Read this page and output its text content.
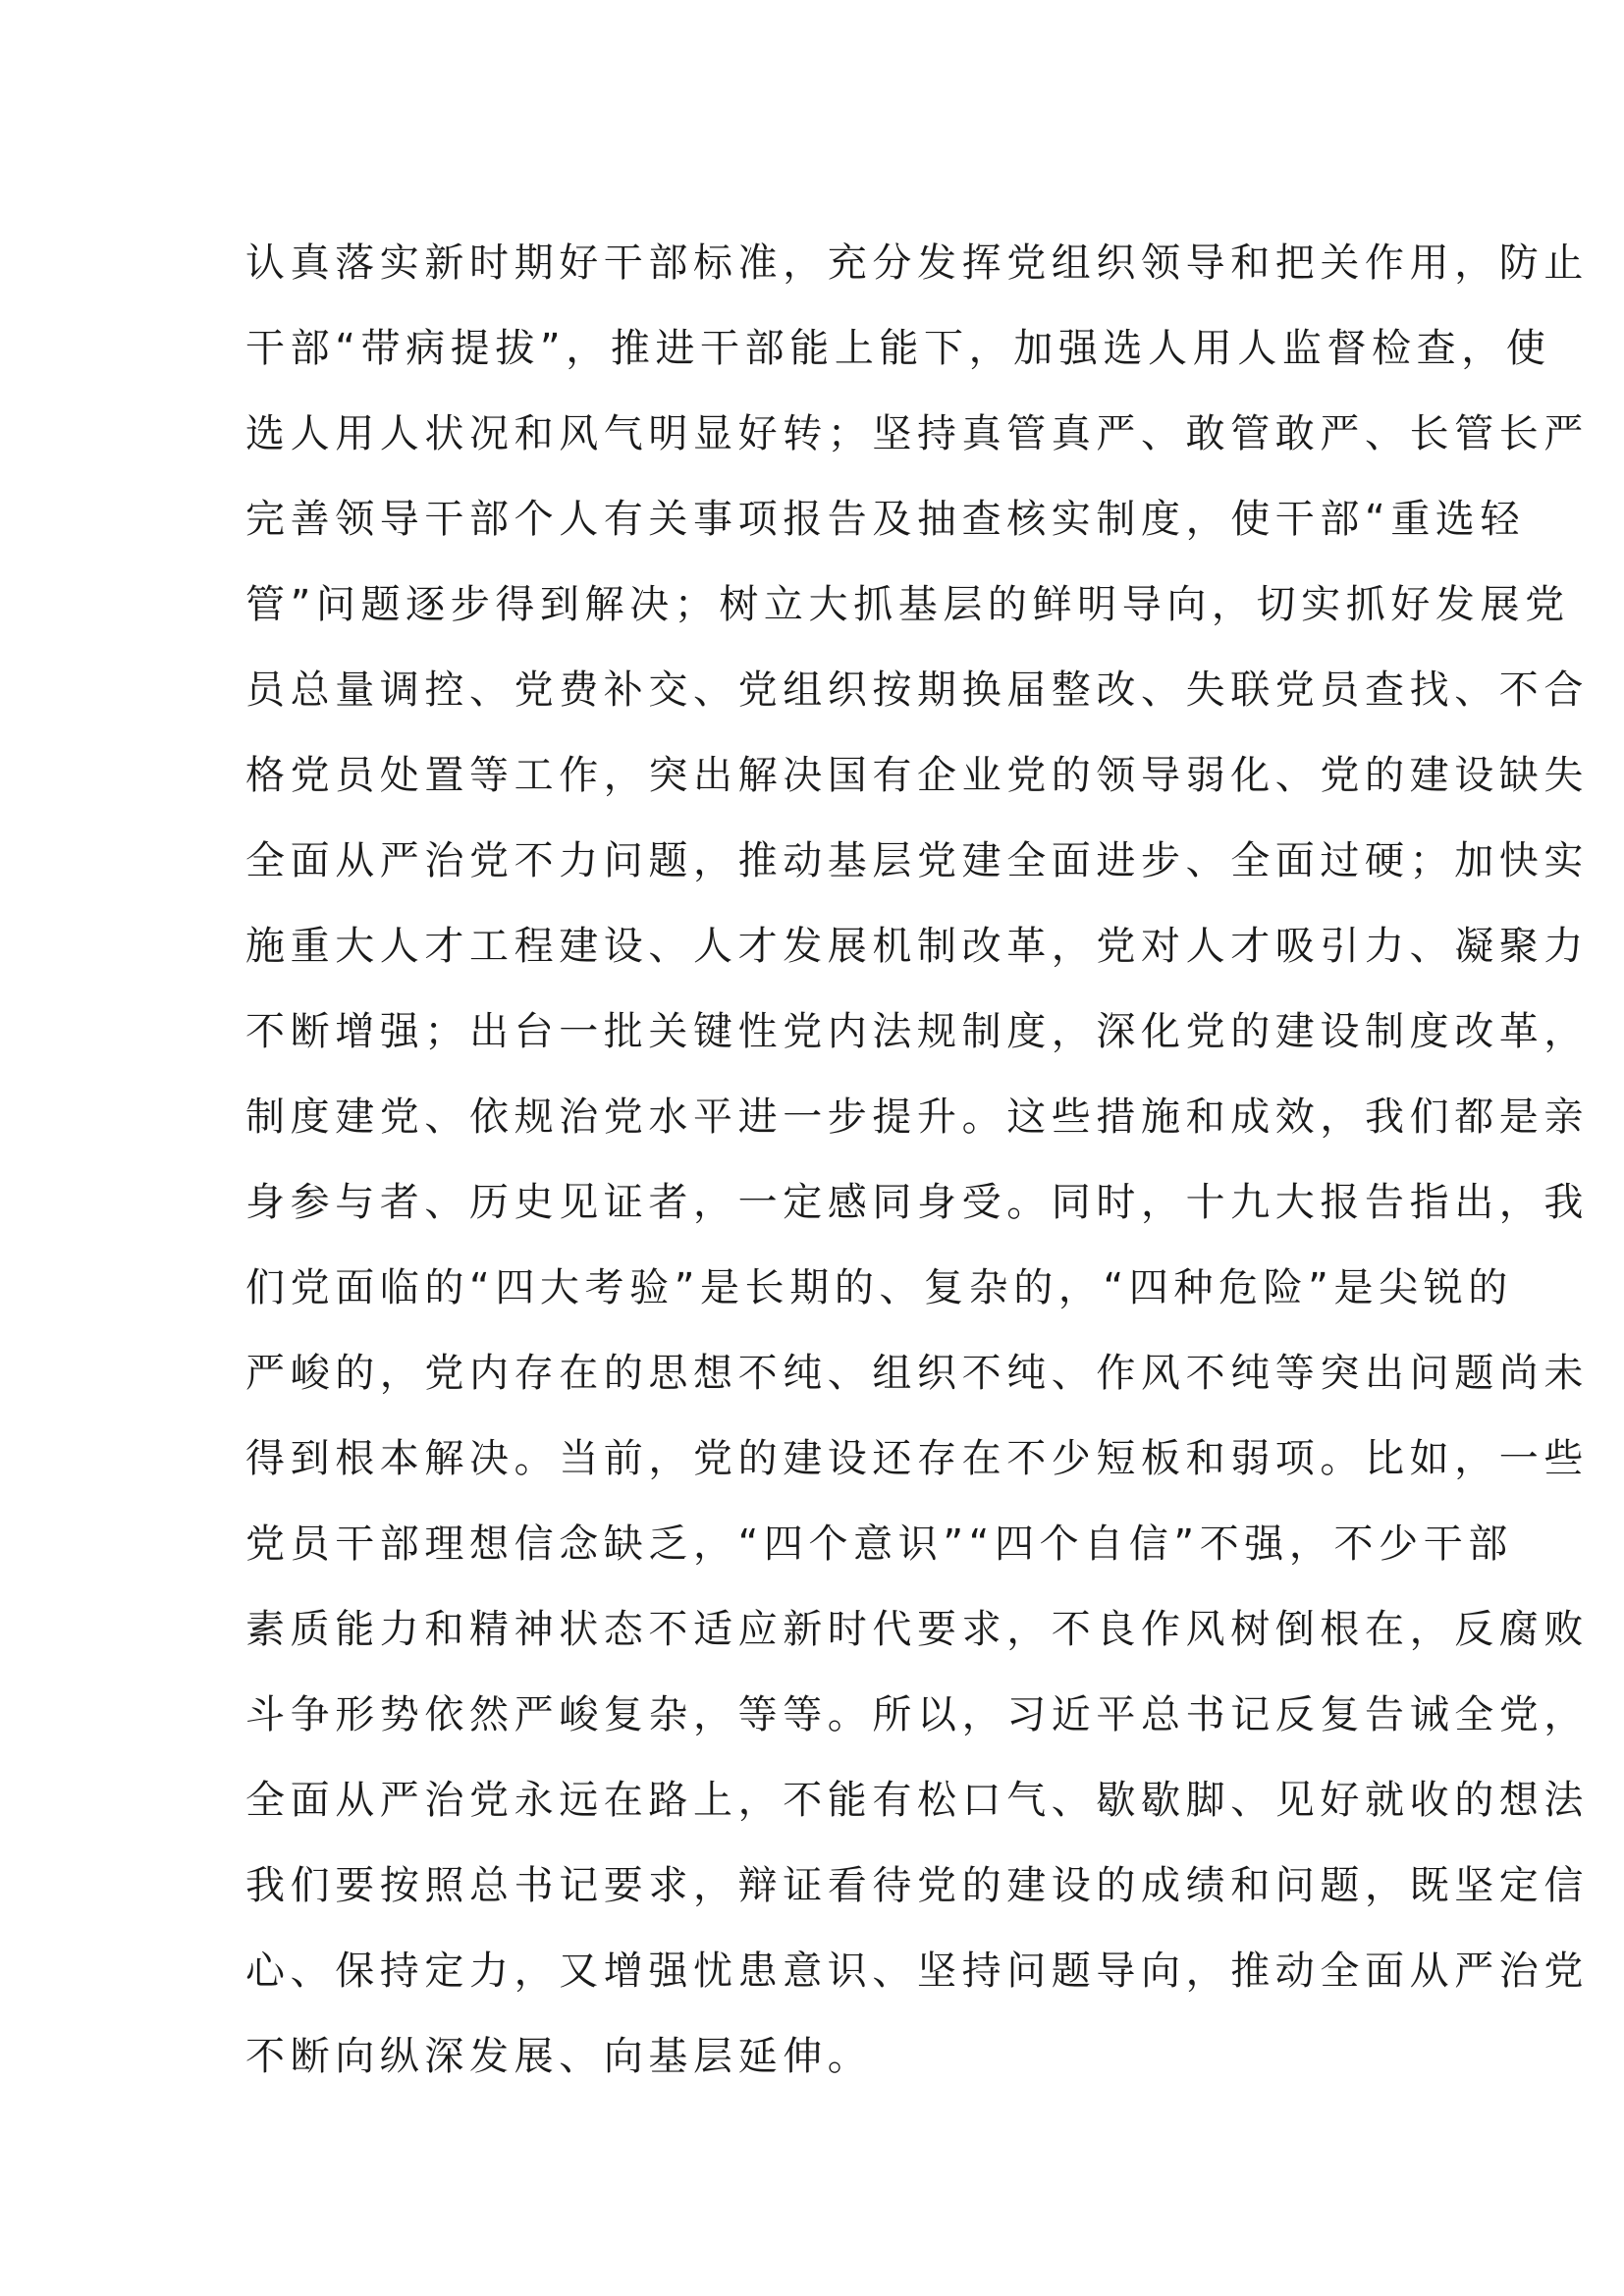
认真落实新时期好干部标准，充分发挥党组织领导和把关作用，防止
干部“带病提拔”，推进干部能上能下，加强选人用人监督检查，使
选人用人状况和风气明显好转；坚持真管真严、敢管敢严、长管长严
完善领导干部个人有关事项报告及抽查核实制度，使干部“重选轻
管”问题逐步得到解决；树立大抓基层的鲜明导向，切实抓好发展党
员总量调控、党费补交、党组织按期换届整改、失联党员查找、不合
格党员处置等工作，突出解决国有企业党的领导弱化、党的建设缺失
全面从严治党不力问题，推动基层党建全面进步、全面过硬；加快实
施重大人才工程建设、人才发展机制改革，党对人才吸引力、凝聚力
不断增强；出台一批关键性党内法规制度，深化党的建设制度改革，
制度建党、依规治党水平进一步提升。这些措施和成效，我们都是亲
身参与者、历史见证者，一定感同身受。同时，十九大报告指出，我
们党面临的“四大考验”是长期的、复杂的，“四种危险”是尖锐的
严峻的，党内存在的思想不纯、组织不纯、作风不纯等突出问题尚未
得到根本解决。当前，党的建设还存在不少短板和弱项。比如，一些
党员干部理想信念缺乏，“四个意识”“四个自信”不强，不少干部
素质能力和精神状态不适应新时代要求，不良作风树倒根在，反腐败
斗争形势依然严峻复杂，等等。所以，习近平总书记反复告诫全党，
全面从严治党永远在路上，不能有松口气、歇歇脚、见好就收的想法
我们要按照总书记要求，辩证看待党的建设的成绩和问题，既坚定信
心、保持定力，又增强忧患意识、坚持问题导向，推动全面从严治党
不断向纵深发展、向基层延伸。
